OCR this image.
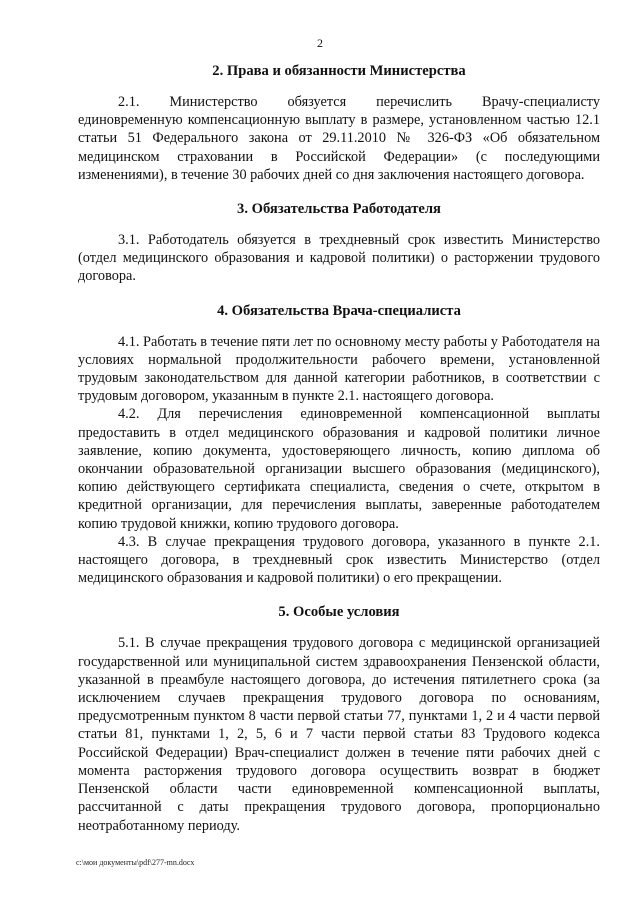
2
2. Права и обязанности Министерства

2.1. Министерство обязуется перечислить Врачу-специалисту единовременную компенсационную выплату в размере, установленном частью 12.1 статьи 51 Федерального закона от 29.11.2010 № 326-ФЗ «Об обязательном медицинском страховании в Российской Федерации» (с последующими изменениями), в течение 30 рабочих дней со дня заключения настоящего договора.

3. Обязательства Работодателя

3.1. Работодатель обязуется в трехдневный срок известить Министерство (отдел медицинского образования и кадровой политики) о расторжении трудового договора.

4. Обязательства Врача-специалиста

4.1. Работать в течение пяти лет по основному месту работы у Работодателя на условиях нормальной продолжительности рабочего времени, установленной трудовым законодательством для данной категории работников, в соответствии с трудовым договором, указанным в пункте 2.1. настоящего договора.

4.2. Для перечисления единовременной компенсационной выплаты предоставить в отдел медицинского образования и кадровой политики личное заявление, копию документа, удостоверяющего личность, копию диплома об окончании образовательной организации высшего образования (медицинского), копию действующего сертификата специалиста, сведения о счете, открытом в кредитной организации, для перечисления выплаты, заверенные работодателем копию трудовой книжки, копию трудового договора.

4.3. В случае прекращения трудового договора, указанного в пункте 2.1. настоящего договора, в трехдневный срок известить Министерство (отдел медицинского образования и кадровой политики) о его прекращении.

5. Особые условия

5.1. В случае прекращения трудового договора с медицинской организацией государственной или муниципальной систем здравоохранения Пензенской области, указанной в преамбуле настоящего договора, до истечения пятилетнего срока (за исключением случаев прекращения трудового договора по основаниям, предусмотренным пунктом 8 части первой статьи 77, пунктами 1, 2 и 4 части первой статьи 81, пунктами 1, 2, 5, 6 и 7 части первой статьи 83 Трудового кодекса Российской Федерации) Врач-специалист должен в течение пяти рабочих дней с момента расторжения трудового договора осуществить возврат в бюджет Пензенской области части единовременной компенсационной выплаты, рассчитанной с даты прекращения трудового договора, пропорционально неотработанному периоду.

c:\мои документы\pdf\277-mn.docx
